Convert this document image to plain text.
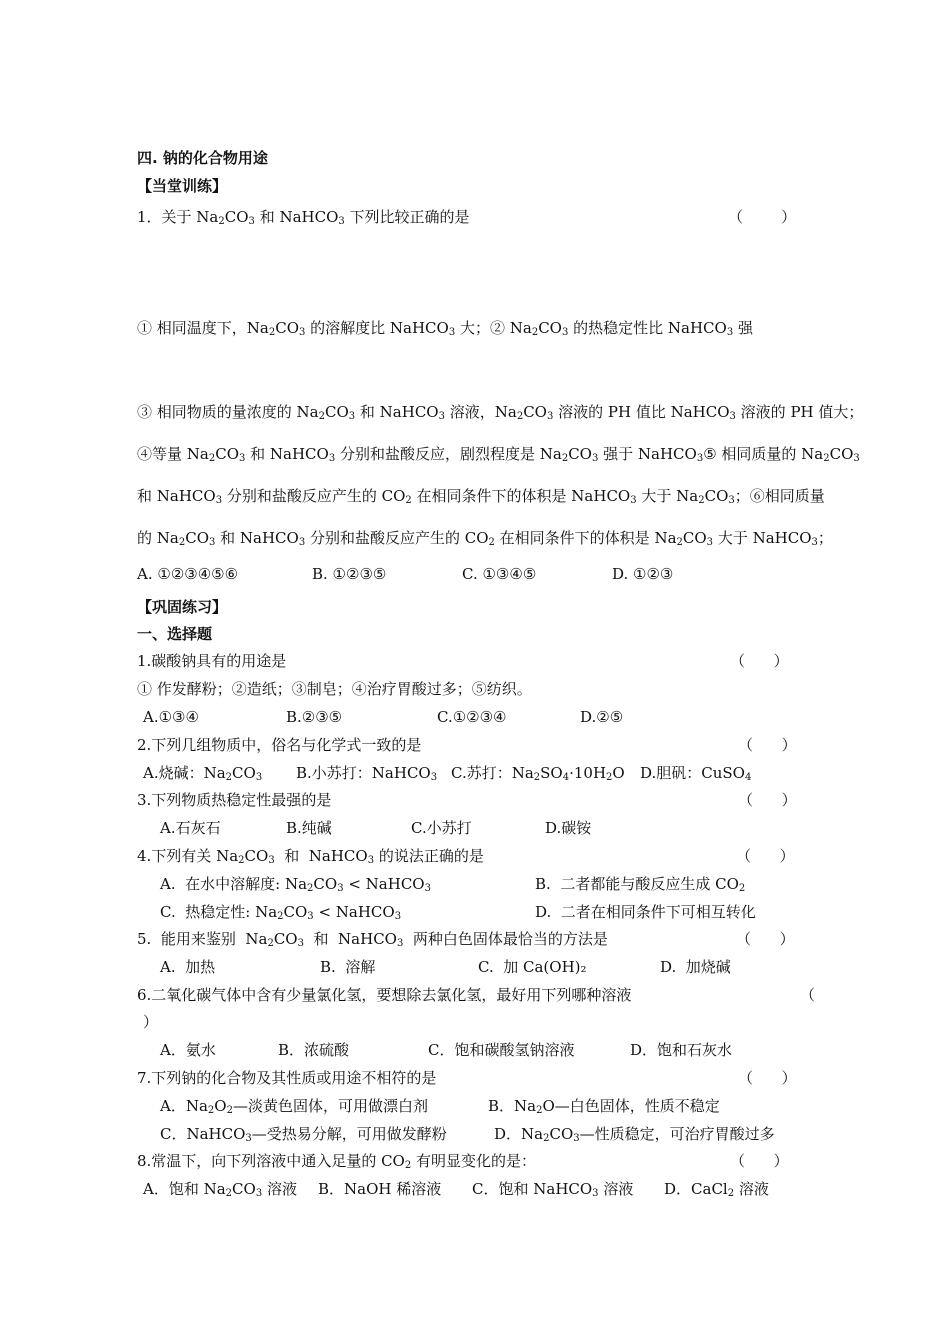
四. 钠的化合物用途
【当堂训练】
1．关于 $Na_2CO_3$ 和 NaHCO$_3$ 下列比较正确的是	（        ）
① 相同温度下，$Na_2CO_3$ 的溶解度比 NaHCO$_3$ 大；② $Na_2CO_3$ 的热稳定性比 NaHCO$_3$ 强
③ 相同物质的量浓度的 $Na_2CO_3$ 和 NaHCO$_3$ 溶液，$Na_2CO_3$ 溶液的 PH 值比 NaHCO$_3$ 溶液的 PH 值大；
④等量 $Na_2CO_3$ 和 NaHCO$_3$ 分别和盐酸反应，剧烈程度是 $Na_2CO_3$ 强于 NaHCO$_3$⑤ 相同质量的 $Na_2CO_3$
和 NaHCO$_3$ 分别和盐酸反应产生的 $CO_2$ 在相同条件下的体积是 NaHCO$_3$ 大于 $Na_2CO_3$；⑥相同质量
的 $Na_2CO_3$ 和 NaHCO$_3$ 分别和盐酸反应产生的 $CO_2$ 在相同条件下的体积是 $Na_2CO_3$ 大于 NaHCO$_3$；
A. ①②③④⑤⑥	B. ①②③⑤	C. ①③④⑤	D. ①②③
【巩固练习】
一、选择题
1.碳酸钠具有的用途是	（      ）
① 作发酵粉；②造纸；③制皂；④治疗胃酸过多；⑤纺织。
A.①③④	B.②③⑤	C.①②③④	D.②⑤
2.下列几组物质中，俗名与化学式一致的是	（      ）
A.烧碱：$Na_2CO_3$ B.小苏打：NaHCO$_3$ C.苏打：$Na_2SO_4\cdot 10H_2O$ D.胆矾：CuSO$_4$
3.下列物质热稳定性最强的是	（      ）
A.石灰石	B.纯碱	C.小苏打	D.碳铵
4.下列有关 $Na_2CO_3$  和  NaHCO$_3$ 的说法正确的是	（      ）
A.  在水中溶解度: $Na_2CO_3$ < NaHCO$_3$	B.  二者都能与酸反应生成 $CO_2$
C.  热稳定性: $Na_2CO_3$ < NaHCO$_3$	D.  二者在相同条件下可相互转化
5.  能用来鉴别  $Na_2CO_3$  和  NaHCO$_3$  两种白色固体最恰当的方法是	（      ）
A.  加热	B.  溶解	C.  加 Ca(OH)₂	D.  加烧碱
6.二氧化碳气体中含有少量氯化氢，要想除去氯化氢，最好用下列哪种溶液	（
）
A．氨水	B．浓硫酸	C．饱和碳酸氢钠溶液	D．饱和石灰水
7.下列钠的化合物及其性质或用途不相符的是	（      ）
A．$Na_2O_2—$淡黄色固体，可用做漂白剂	B．$Na_2O—$白色固体，性质不稳定
C．NaHCO$_3$—受热易分解，可用做发酵粉	D．$Na_2CO_3—$性质稳定，可治疗胃酸过多
8.常温下，向下列溶液中通入足量的 $CO_2$ 有明显变化的是：	（      ）
A．饱和 $Na_2CO_3$ 溶液 B．NaOH 稀溶液 C．饱和 NaHCO$_3$ 溶液 D．CaCl$_2$ 溶液
